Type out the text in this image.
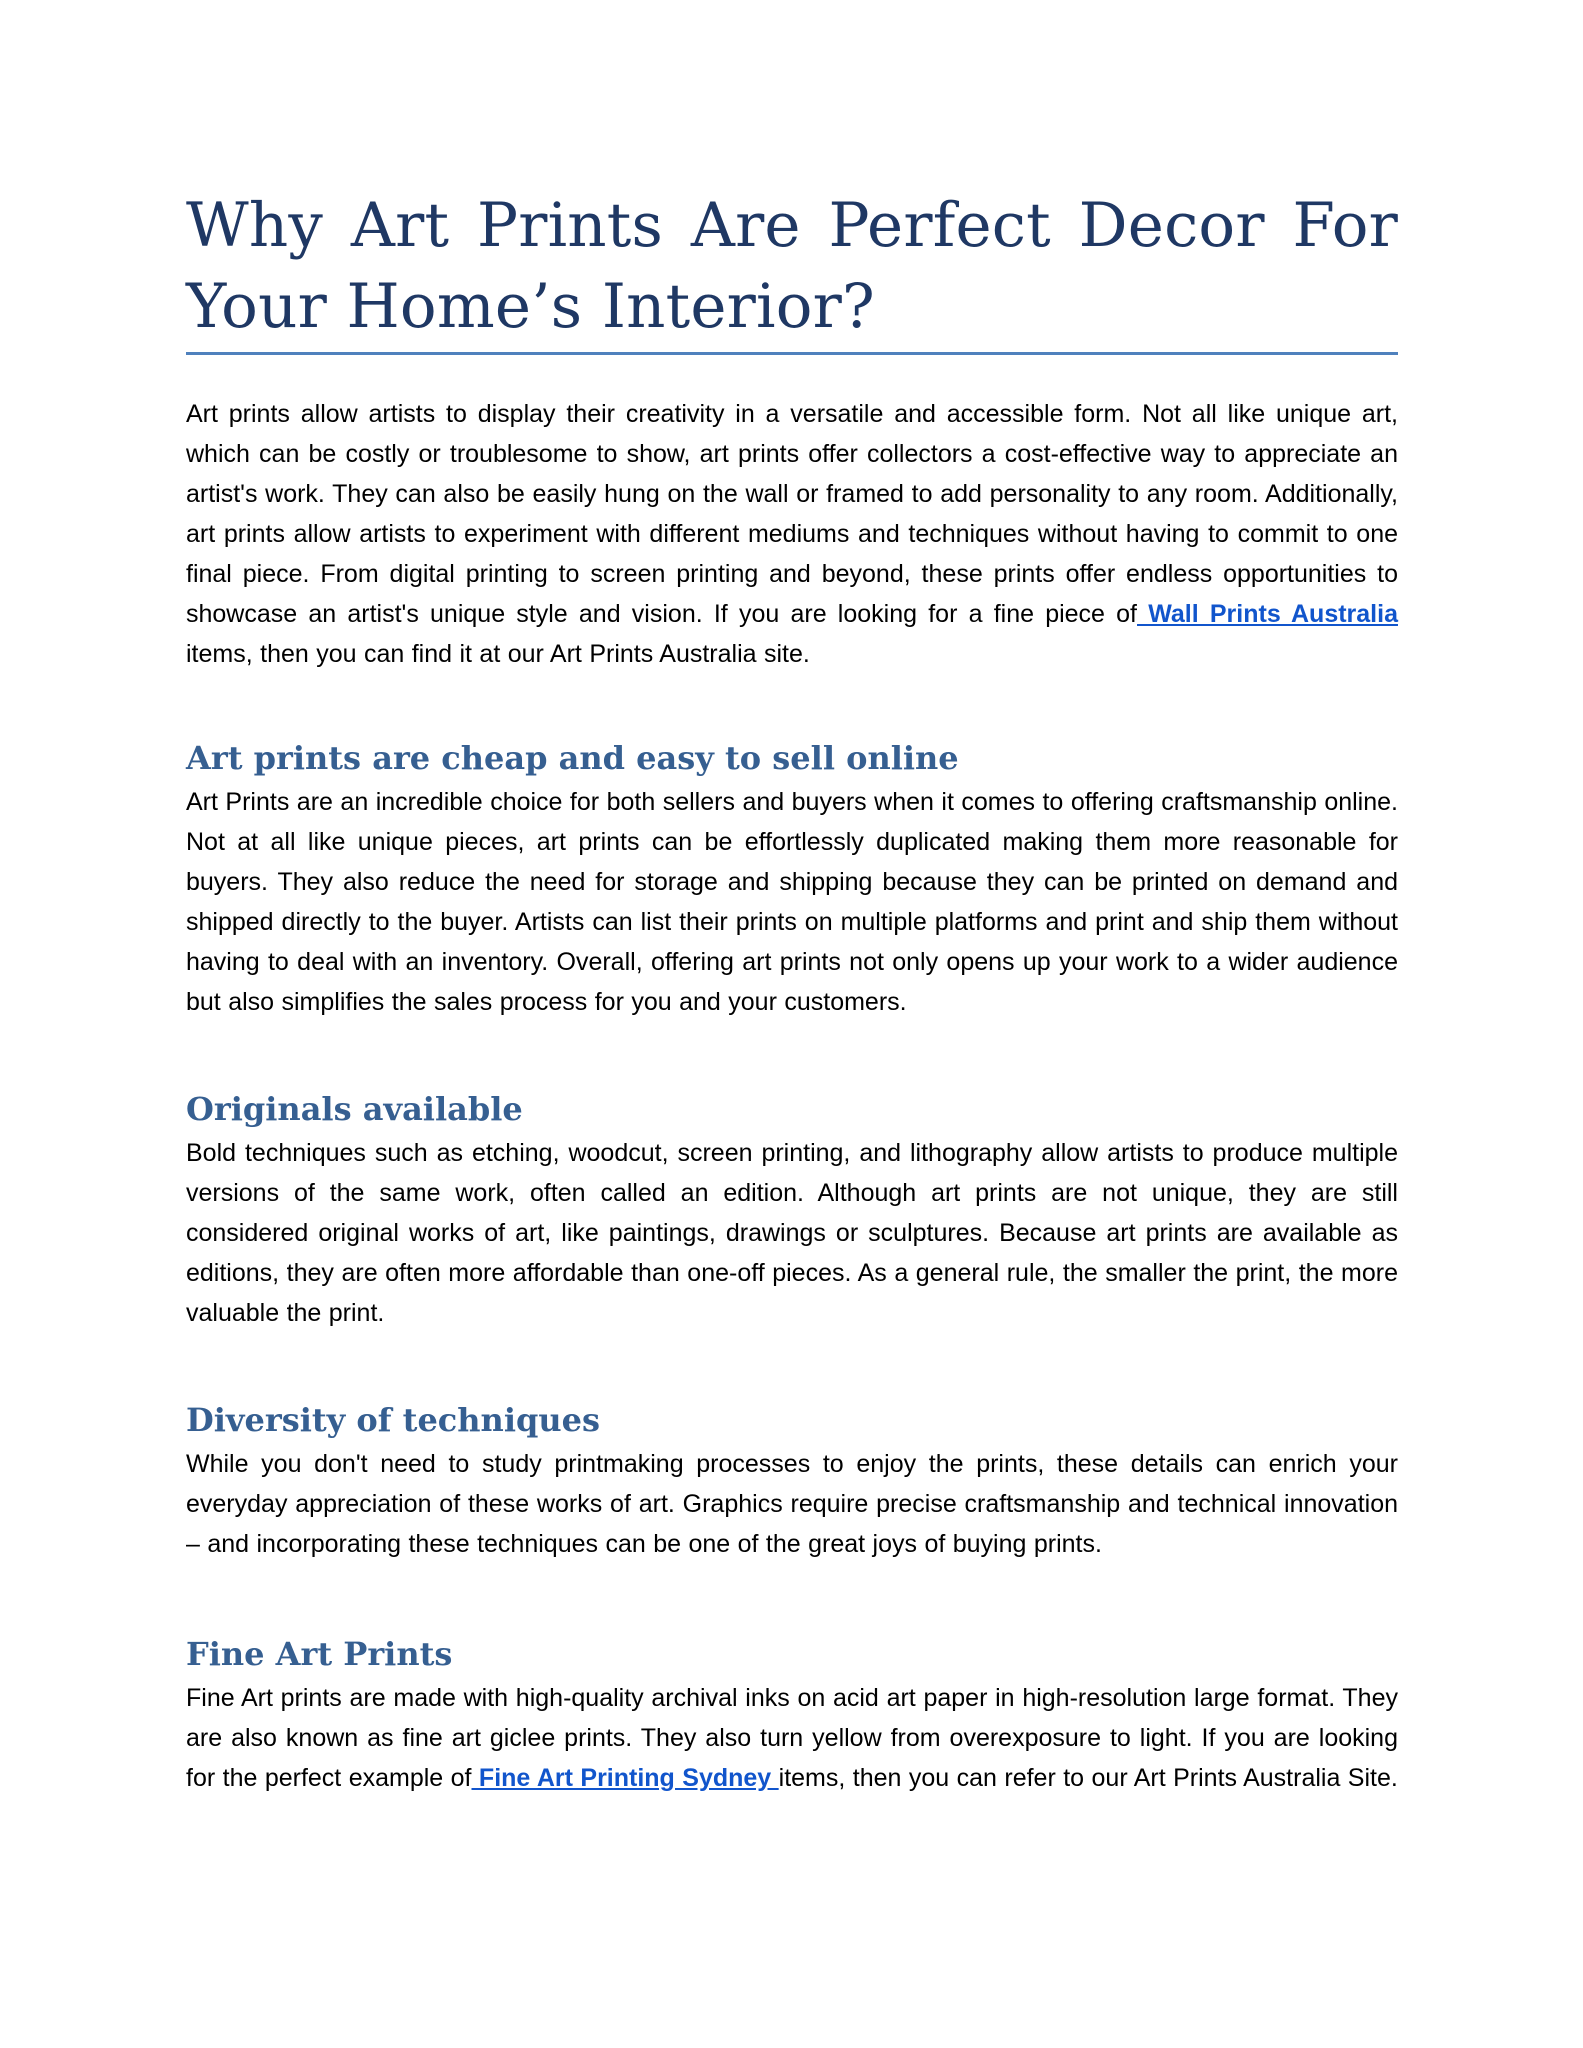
Why Art Prints Are Perfect Decor For
Your Home’s Interior?

Art prints allow artists to display their creativity in a versatile and accessible form. Not all like unique art, which can be costly or troublesome to show, art prints offer collectors a cost-effective way to appreciate an artist's work. They can also be easily hung on the wall or framed to add personality to any room. Additionally, art prints allow artists to experiment with different mediums and techniques without having to commit to one final piece. From digital printing to screen printing and beyond, these prints offer endless opportunities to showcase an artist's unique style and vision. If you are looking for a fine piece of Wall Prints Australia items, then you can find it at our Art Prints Australia site.

Art prints are cheap and easy to sell online

Art Prints are an incredible choice for both sellers and buyers when it comes to offering craftsmanship online. Not at all like unique pieces, art prints can be effortlessly duplicated making them more reasonable for buyers. They also reduce the need for storage and shipping because they can be printed on demand and shipped directly to the buyer. Artists can list their prints on multiple platforms and print and ship them without having to deal with an inventory. Overall, offering art prints not only opens up your work to a wider audience but also simplifies the sales process for you and your customers.

Originals available

Bold techniques such as etching, woodcut, screen printing, and lithography allow artists to produce multiple versions of the same work, often called an edition. Although art prints are not unique, they are still considered original works of art, like paintings, drawings or sculptures. Because art prints are available as editions, they are often more affordable than one-off pieces. As a general rule, the smaller the print, the more valuable the print.

Diversity of techniques

While you don't need to study printmaking processes to enjoy the prints, these details can enrich your everyday appreciation of these works of art. Graphics require precise craftsmanship and technical innovation – and incorporating these techniques can be one of the great joys of buying prints.

Fine Art Prints

Fine Art prints are made with high-quality archival inks on acid art paper in high-resolution large format. They are also known as fine art giclee prints. They also turn yellow from overexposure to light. If you are looking for the perfect example of Fine Art Printing Sydney items, then you can refer to our Art Prints Australia Site.
